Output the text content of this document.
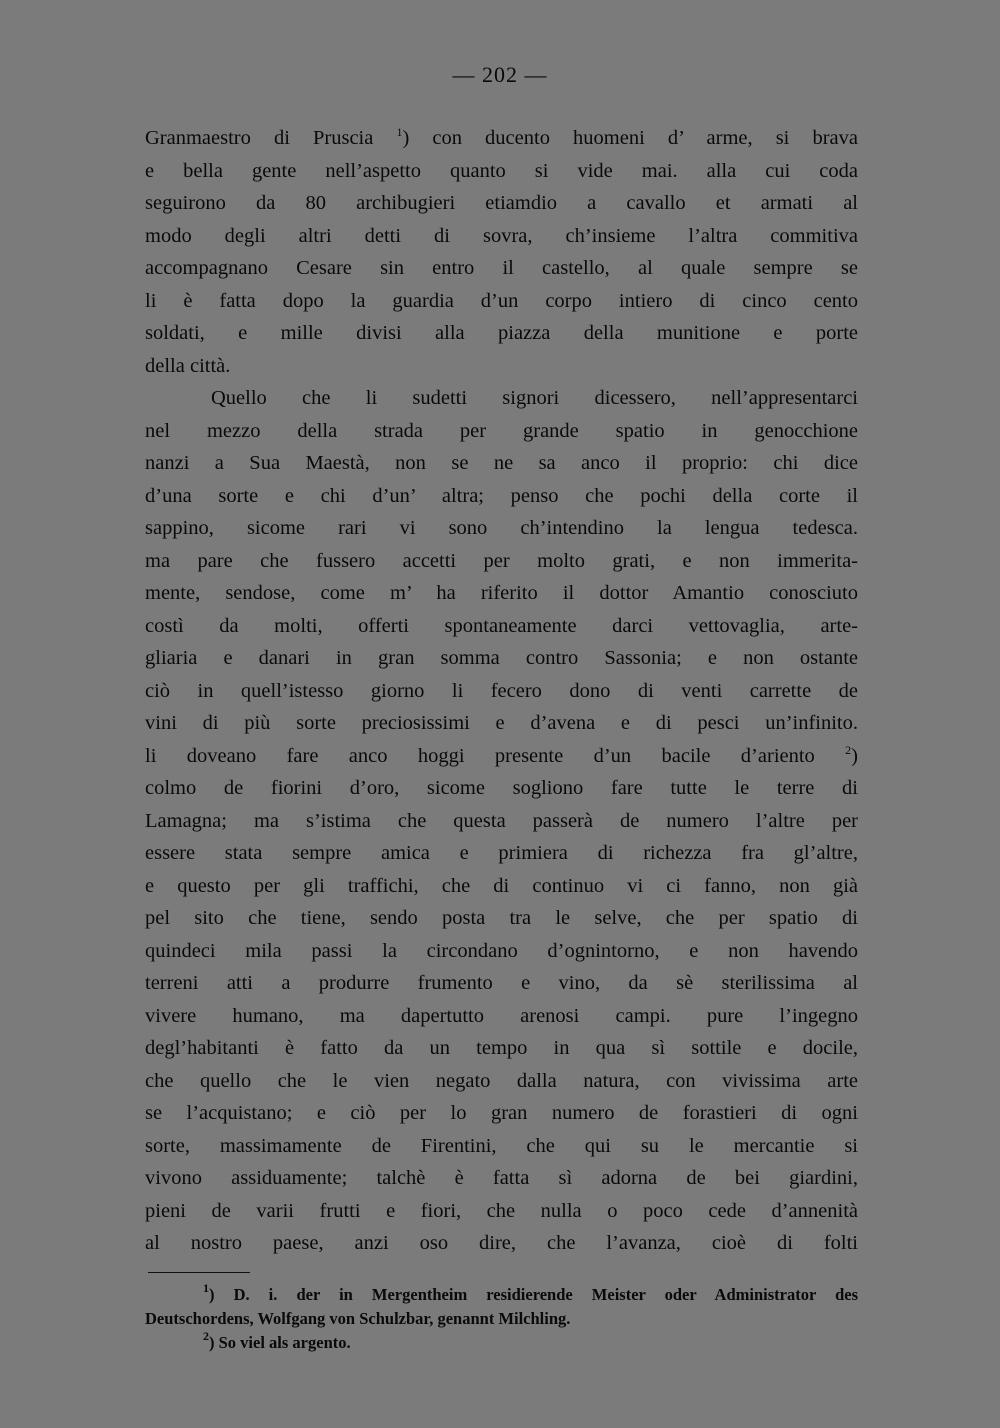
— 202 —
Granmaestro di Pruscia $^1$) con ducento huomeni d’ arme, si brava
e bella gente nell’aspetto quanto si vide mai. alla cui coda
seguirono da 80 archibugieri etiamdio a cavallo et armati al
modo degli altri detti di sovra, ch’insieme l’altra commitiva
accompagnano Cesare sin entro il castello, al quale sempre se
li è fatta dopo la guardia d’un corpo intiero di cinco cento
soldati, e mille divisi alla piazza della munitione e porte
della città.
Quello che li sudetti signori dicessero, nell’appresentarci
nel mezzo della strada per grande spatio in genocchione
nanzi a Sua Maestà, non se ne sa anco il proprio: chi dice
d’una sorte e chi d’un’ altra; penso che pochi della corte il
sappino, sicome rari vi sono ch’intendino la lengua tedesca.
ma pare che fussero accetti per molto grati, e non immerita-
mente, sendose, come m’ ha riferito il dottor Amantio conosciuto
costì da molti, offerti spontaneamente darci vettovaglia, arte-
gliaria e danari in gran somma contro Sassonia; e non ostante
ciò in quell’istesso giorno li fecero dono di venti carrette de
vini di più sorte preciosissimi e d’avena e di pesci un’infinito.
li doveano fare anco hoggi presente d’un bacile d’ariento $^2$)
colmo de fiorini d’oro, sicome sogliono fare tutte le terre di
Lamagna; ma s’istima che questa passerà de numero l’altre per
essere stata sempre amica e primiera di richezza fra gl’altre,
e questo per gli traffichi, che di continuo vi ci fanno, non già
pel sito che tiene, sendo posta tra le selve, che per spatio di
quindeci mila passi la circondano d’ognintorno, e non havendo
terreni atti a produrre frumento e vino, da sè sterilissima al
vivere humano, ma dapertutto arenosi campi. pure l’ingegno
degl’habitanti è fatto da un tempo in qua sì sottile e docile,
che quello che le vien negato dalla natura, con vivissima arte
se l’acquistano; e ciò per lo gran numero de forastieri di ogni
sorte, massimamente de Firentini, che qui su le mercantie si
vivono assiduamente; talchè è fatta sì adorna de bei giardini,
pieni de varii frutti e fiori, che nulla o poco cede d’annenità
al nostro paese, anzi oso dire, che l’avanza, cioè di folti
$^1$) D. i. der in Mergentheim residierende Meister oder Administrator des
Deutschordens, Wolfgang von Schulzbar, genannt Milchling.
$^2$) So viel als argento.
